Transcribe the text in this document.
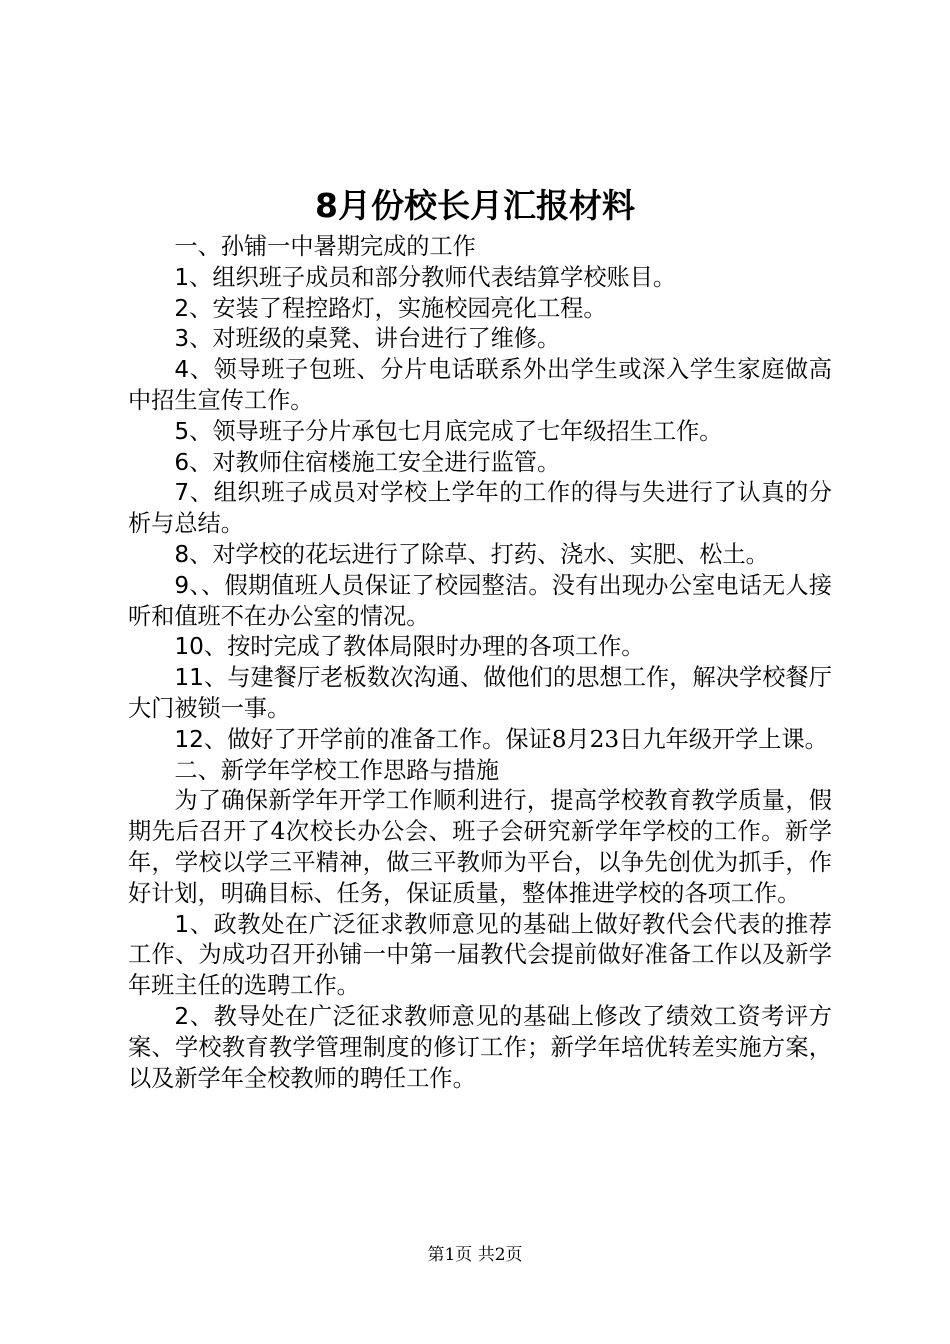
8月份校长月汇报材料

一、孙铺一中暑期完成的工作

1、组织班子成员和部分教师代表结算学校账目。

2、安装了程控路灯，实施校园亮化工程。

3、对班级的桌凳、讲台进行了维修。

4、领导班子包班、分片电话联系外出学生或深入学生家庭做高中招生宣传工作。

5、领导班子分片承包七月底完成了七年级招生工作。

6、对教师住宿楼施工安全进行监管。

7、组织班子成员对学校上学年的工作的得与失进行了认真的分析与总结。

8、对学校的花坛进行了除草、打药、浇水、实肥、松土。

9、、假期值班人员保证了校园整洁。没有出现办公室电话无人接听和值班不在办公室的情况。

10、按时完成了教体局限时办理的各项工作。

11、与建餐厅老板数次沟通、做他们的思想工作，解决学校餐厅大门被锁一事。

12、做好了开学前的准备工作。保证8月23日九年级开学上课。

二、新学年学校工作思路与措施

为了确保新学年开学工作顺利进行，提高学校教育教学质量，假期先后召开了4次校长办公会、班子会研究新学年学校的工作。新学年，学校以学三平精神，做三平教师为平台，以争先创优为抓手，作好计划，明确目标、任务，保证质量，整体推进学校的各项工作。

1、政教处在广泛征求教师意见的基础上做好教代会代表的推荐工作、为成功召开孙铺一中第一届教代会提前做好准备工作以及新学年班主任的选聘工作。

2、教导处在广泛征求教师意见的基础上修改了绩效工资考评方案、学校教育教学管理制度的修订工作；新学年培优转差实施方案，以及新学年全校教师的聘任工作。

第1页 共2页
